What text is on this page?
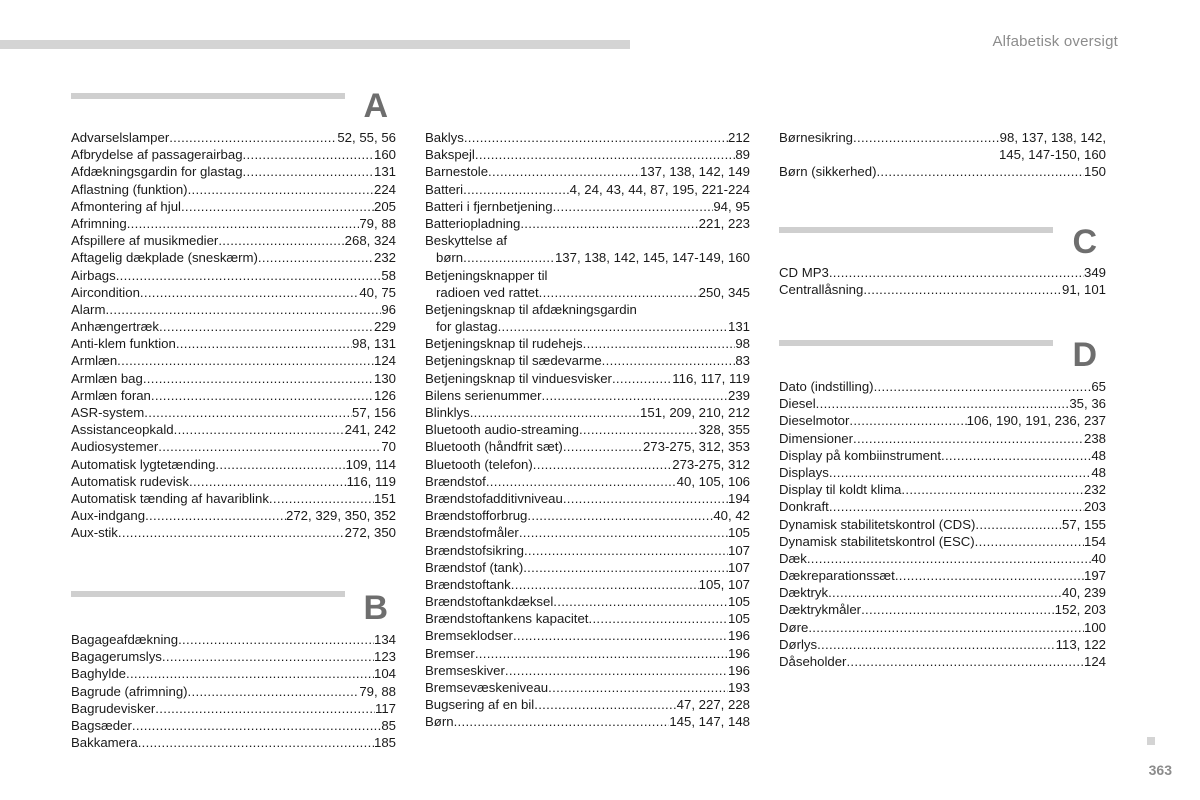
Alfabetisk oversigt
A
Advarselslamper .....	52, 55, 56
Afbrydelse af passagerairbag .....	160
Afdækningsgardin for glastag .....	131
Aflastning (funktion) .....	224
Afmontering af hjul .....	205
Afrimning .....	79, 88
Afspillere af musikmedier .....	268, 324
Aftagelig dækplade (sneskærm) .....	232
Airbags .....	58
Aircondition .....	40, 75
Alarm .....	96
Anhængertræk .....	229
Anti-klem funktion .....	98, 131
Armlæn .....	124
Armlæn bag .....	130
Armlæn foran .....	126
ASR-system .....	57, 156
Assistanceopkald .....	241, 242
Audiosystemer .....	70
Automatisk lygtetænding .....	109, 114
Automatisk rudevisk .....	116, 119
Automatisk tænding af havariblink .....	151
Aux-indgang .....	272, 329, 350, 352
Aux-stik .....	272, 350
B
Bagageafdækning .....	134
Bagagerumslys .....	123
Baghylde .....	104
Bagrude (afrimning) .....	79, 88
Bagrudevisker .....	117
Bagsæder .....	85
Bakkamera .....	185
Baklys .....	212
Bakspejl .....	89
Barnestole .....	137, 138, 142, 149
Batteri .....	4, 24, 43, 44, 87, 195, 221-224
Batteri i fjernbetjening .....	94, 95
Batteriopladning .....	221, 223
Beskyttelse af
børn .....	137, 138, 142, 145, 147-149, 160
Betjeningsknapper til
radioen ved rattet .....	250, 345
Betjeningsknap til afdækningsgardin
for glastag .....	131
Betjeningsknap til rudehejs .....	98
Betjeningsknap til sædevarme .....	83
Betjeningsknap til vinduesvisker .....	116, 117, 119
Bilens serienummer .....	239
Blinklys .....	151, 209, 210, 212
Bluetooth audio-streaming .....	328, 355
Bluetooth (håndfrit sæt) .....	273-275, 312, 353
Bluetooth (telefon) .....	273-275, 312
Brændstof .....	40, 105, 106
Brændstofadditivniveau .....	194
Brændstofforbrug .....	40, 42
Brændstofmåler .....	105
Brændstofsikring .....	107
Brændstof (tank) .....	107
Brændstoftank .....	105, 107
Brændstoftankdæksel .....	105
Brændstoftankens kapacitet .....	105
Bremseklodser .....	196
Bremser .....	196
Bremseskiver .....	196
Bremsevæskeniveau .....	193
Bugsering af en bil .....	47, 227, 228
Børn .....	145, 147, 148
Børnesikring .....	98, 137, 138, 142,
145, 147-150, 160
Børn (sikkerhed) .....	150
C
CD MP3 .....	349
Centrallåsning .....	91, 101
D
Dato (indstilling) .....	65
Diesel .....	35, 36
Dieselmotor .....	106, 190, 191, 236, 237
Dimensioner .....	238
Display på kombiinstrument .....	48
Displays .....	48
Display til koldt klima .....	232
Donkraft .....	203
Dynamisk stabilitetskontrol (CDS) .....	57, 155
Dynamisk stabilitetskontrol (ESC) .....	154
Dæk .....	40
Dækreparationssæt .....	197
Dæktryk .....	40, 239
Dæktrykmåler .....	152, 203
Døre .....	100
Dørlys .....	113, 122
Dåseholder .....	124
363
